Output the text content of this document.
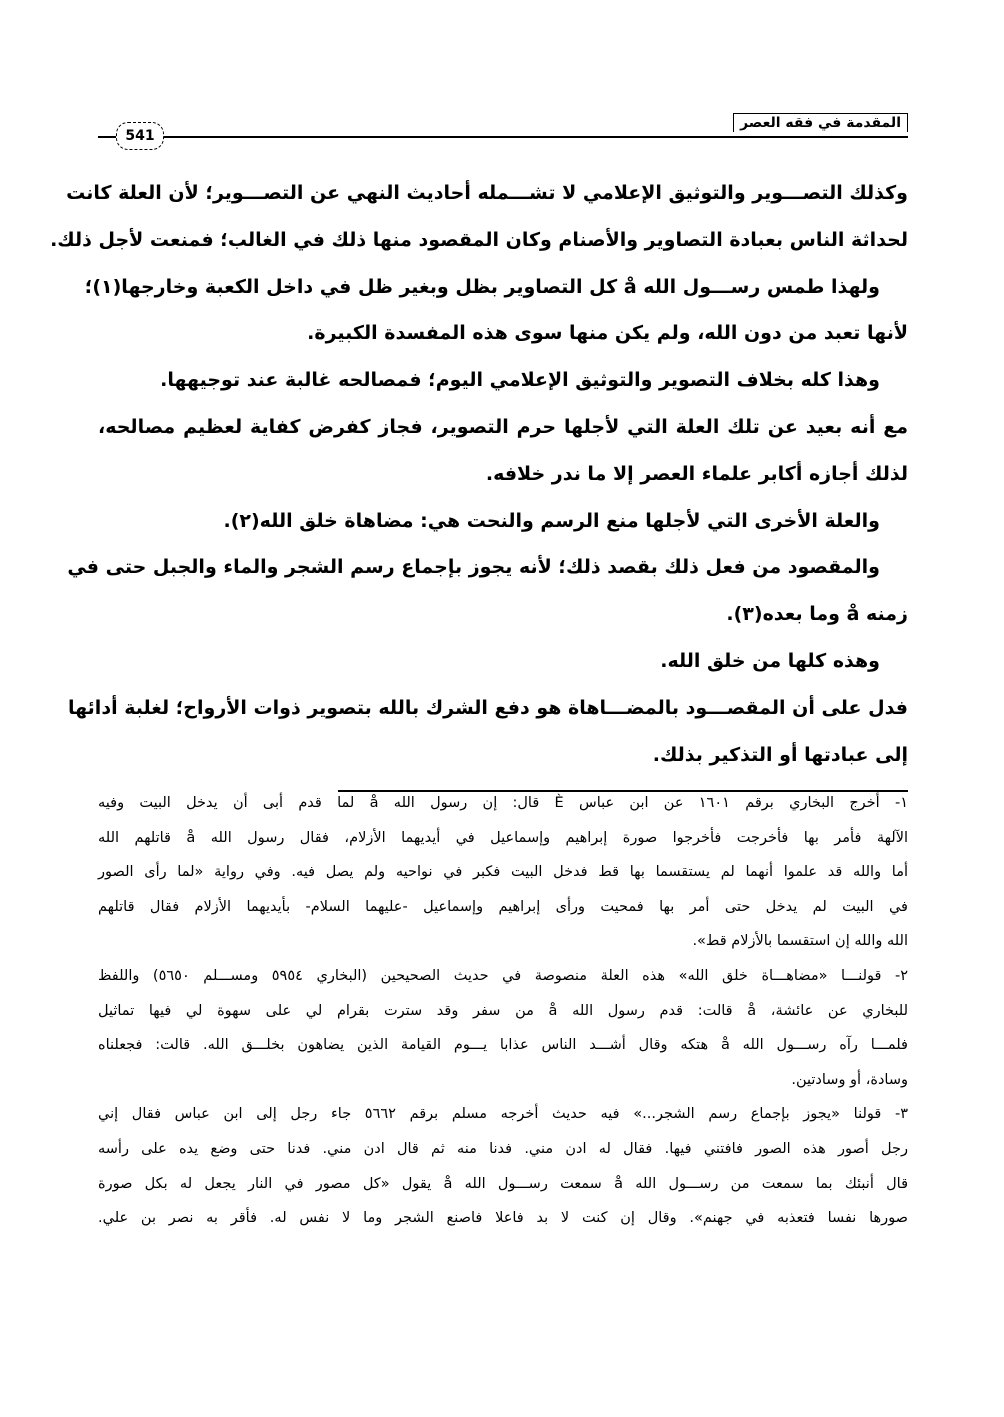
المقدمة في فقه العصر
541
وكذلك التصـــوير والتوثيق الإعلامي لا تشـــمله أحاديث النهي عن التصـــوير؛ لأن العلة كانت
لحداثة الناس بعبادة التصاوير والأصنام وكان المقصود منها ذلك في الغالب؛ فمنعت لأجل ذلك.
ولهذا طمس رســـول الله å كل التصاوير بظل وبغير ظل في داخل الكعبة وخارجها(١)؛
لأنها تعبد من دون الله، ولم يكن منها سوى هذه المفسدة الكبيرة.
وهذا كله بخلاف التصوير والتوثيق الإعلامي اليوم؛ فمصالحه غالبة عند توجيهها.
مع أنه بعيد عن تلك العلة التي لأجلها حرم التصوير، فجاز كفرض كفاية لعظيم مصالحه،
لذلك أجازه أكابر علماء العصر إلا ما ندر خلافه.
والعلة الأخرى التي لأجلها منع الرسم والنحت هي: مضاهاة خلق الله(٢).
والمقصود من فعل ذلك بقصد ذلك؛ لأنه يجوز بإجماع رسم الشجر والماء والجبل حتى في
زمنه å وما بعده(٣).
وهذه كلها من خلق الله.
فدل على أن المقصـــود بالمضـــاهاة هو دفع الشرك بالله بتصوير ذوات الأرواح؛ لغلبة أدائها
إلى عبادتها أو التذكير بذلك.
١- أخرج البخاري برقم ١٦٠١ عن ابن عباس È قال: إن رسول الله å لما قدم أبى أن يدخل البيت وفيه
الآلهة فأمر بها فأخرجت فأخرجوا صورة إبراهيم وإسماعيل في أيديهما الأزلام، فقال رسول الله å قاتلهم الله
أما والله قد علموا أنهما لم يستقسما بها قط فدخل البيت فكبر في نواحيه ولم يصل فيه. وفي رواية «لما رأى الصور
في البيت لم يدخل حتى أمر بها فمحيت ورأى إبراهيم وإسماعيل -عليهما السلام- بأيديهما الأزلام فقال قاتلهم
الله والله إن استقسما بالأزلام قط».
٢- قولنـــا «مضاهـــاة خلق الله» هذه العلة منصوصة في حديث الصحيحين (البخاري ٥٩٥٤ ومســـلم ٥٦٥٠) واللفظ
للبخاري عن عائشة، å قالت: قدم رسول الله å من سفر وقد سترت بقرام لي على سهوة لي فيها تماثيل
فلمـــا رآه رســـول الله å هتكه وقال أشـــد الناس عذابا يـــوم القيامة الذين يضاهون بخلـــق الله. قالت: فجعلناه
وسادة، أو وسادتين.
٣- قولنا «يجوز بإجماع رسم الشجر...» فيه حديث أخرجه مسلم برقم ٥٦٦٢ جاء رجل إلى ابن عباس فقال إني
رجل أصور هذه الصور فافتني فيها. فقال له ادن مني. فدنا منه ثم قال ادن مني. فدنا حتى وضع يده على رأسه
قال أنبئك بما سمعت من رســـول الله å سمعت رســـول الله å يقول «كل مصور في النار يجعل له بكل صورة
صورها نفسا فتعذبه في جهنم». وقال إن كنت لا بد فاعلا فاصنع الشجر وما لا نفس له. فأقر به نصر بن علي.
